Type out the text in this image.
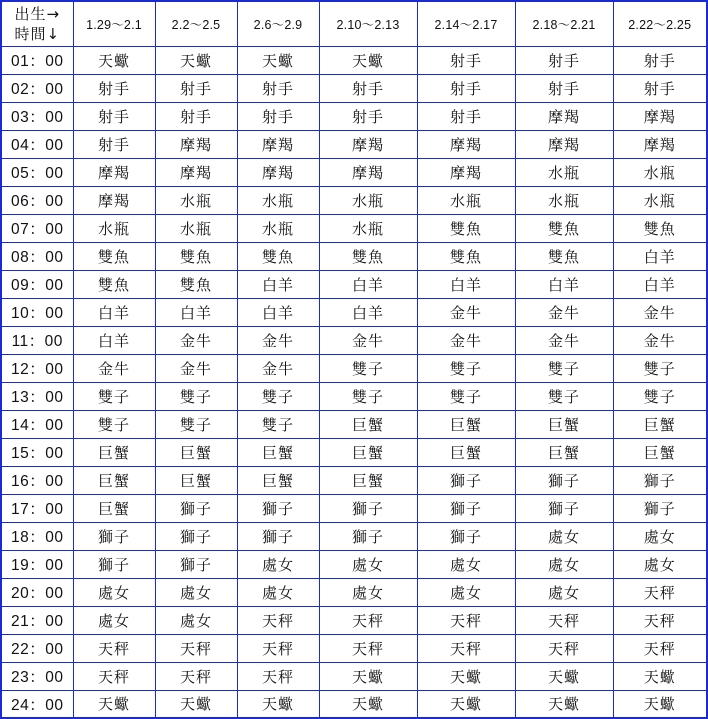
出生→
時間↓	1.29～2.1	2.2～2.5	2.6～2.9	2.10～2.13	2.14～2.17	2.18～2.21	2.22～2.25
01：00	天蠍	天蠍	天蠍	天蠍	射手	射手	射手
02：00	射手	射手	射手	射手	射手	射手	射手
03：00	射手	射手	射手	射手	射手	摩羯	摩羯
04：00	射手	摩羯	摩羯	摩羯	摩羯	摩羯	摩羯
05：00	摩羯	摩羯	摩羯	摩羯	摩羯	水瓶	水瓶
06：00	摩羯	水瓶	水瓶	水瓶	水瓶	水瓶	水瓶
07：00	水瓶	水瓶	水瓶	水瓶	雙魚	雙魚	雙魚
08：00	雙魚	雙魚	雙魚	雙魚	雙魚	雙魚	白羊
09：00	雙魚	雙魚	白羊	白羊	白羊	白羊	白羊
10：00	白羊	白羊	白羊	白羊	金牛	金牛	金牛
11：00	白羊	金牛	金牛	金牛	金牛	金牛	金牛
12：00	金牛	金牛	金牛	雙子	雙子	雙子	雙子
13：00	雙子	雙子	雙子	雙子	雙子	雙子	雙子
14：00	雙子	雙子	雙子	巨蟹	巨蟹	巨蟹	巨蟹
15：00	巨蟹	巨蟹	巨蟹	巨蟹	巨蟹	巨蟹	巨蟹
16：00	巨蟹	巨蟹	巨蟹	巨蟹	獅子	獅子	獅子
17：00	巨蟹	獅子	獅子	獅子	獅子	獅子	獅子
18：00	獅子	獅子	獅子	獅子	獅子	處女	處女
19：00	獅子	獅子	處女	處女	處女	處女	處女
20：00	處女	處女	處女	處女	處女	處女	天秤
21：00	處女	處女	天秤	天秤	天秤	天秤	天秤
22：00	天秤	天秤	天秤	天秤	天秤	天秤	天秤
23：00	天秤	天秤	天秤	天蠍	天蠍	天蠍	天蠍
24：00	天蠍	天蠍	天蠍	天蠍	天蠍	天蠍	天蠍
